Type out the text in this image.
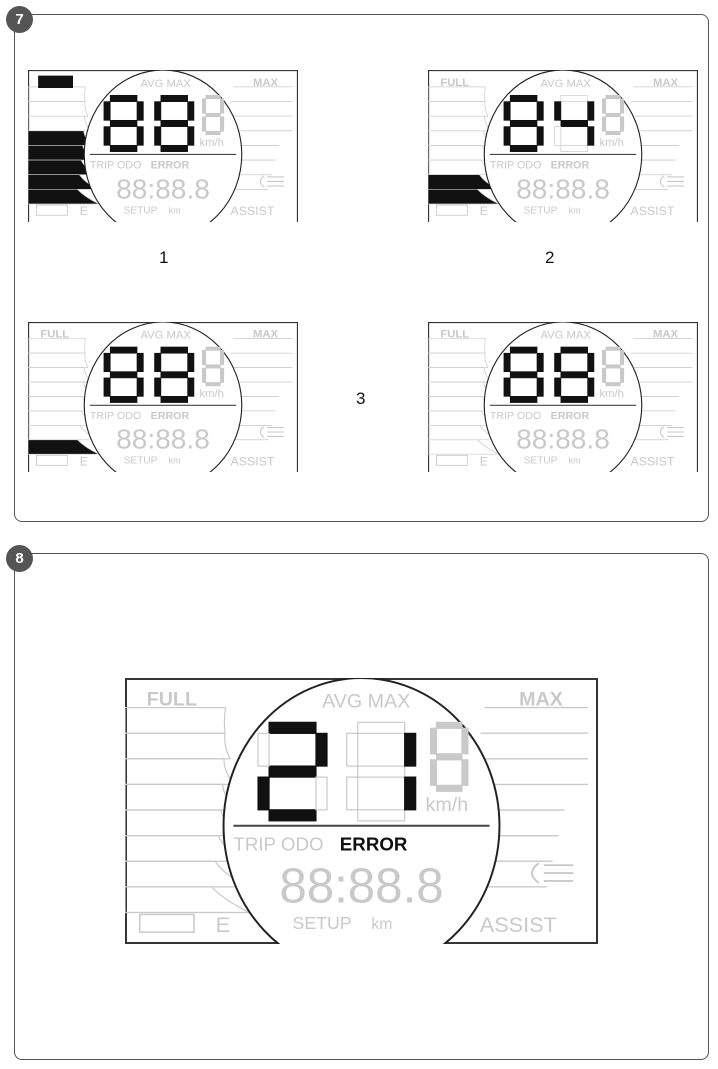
7
AVG MAX	MAX
km/h
TRIP ODO ERROR
88:88.8
SETUP km ASSIST
E
FULL	AVG MAX	MAX
km/h
TRIP ODO ERROR
88:88.8
SETUP km ASSIST
E
FULL	AVG MAX	MAX
km/h
TRIP ODO ERROR
88:88.8
SETUP km ASSIST
E
FULL	AVG MAX	MAX
km/h
TRIP ODO ERROR
88:88.8
SETUP km ASSIST
E
1	2
3
8
FULL	AVG MAX	MAX
km/h
TRIP ODO ERROR
88:88.8
SETUP km	ASSIST
E
